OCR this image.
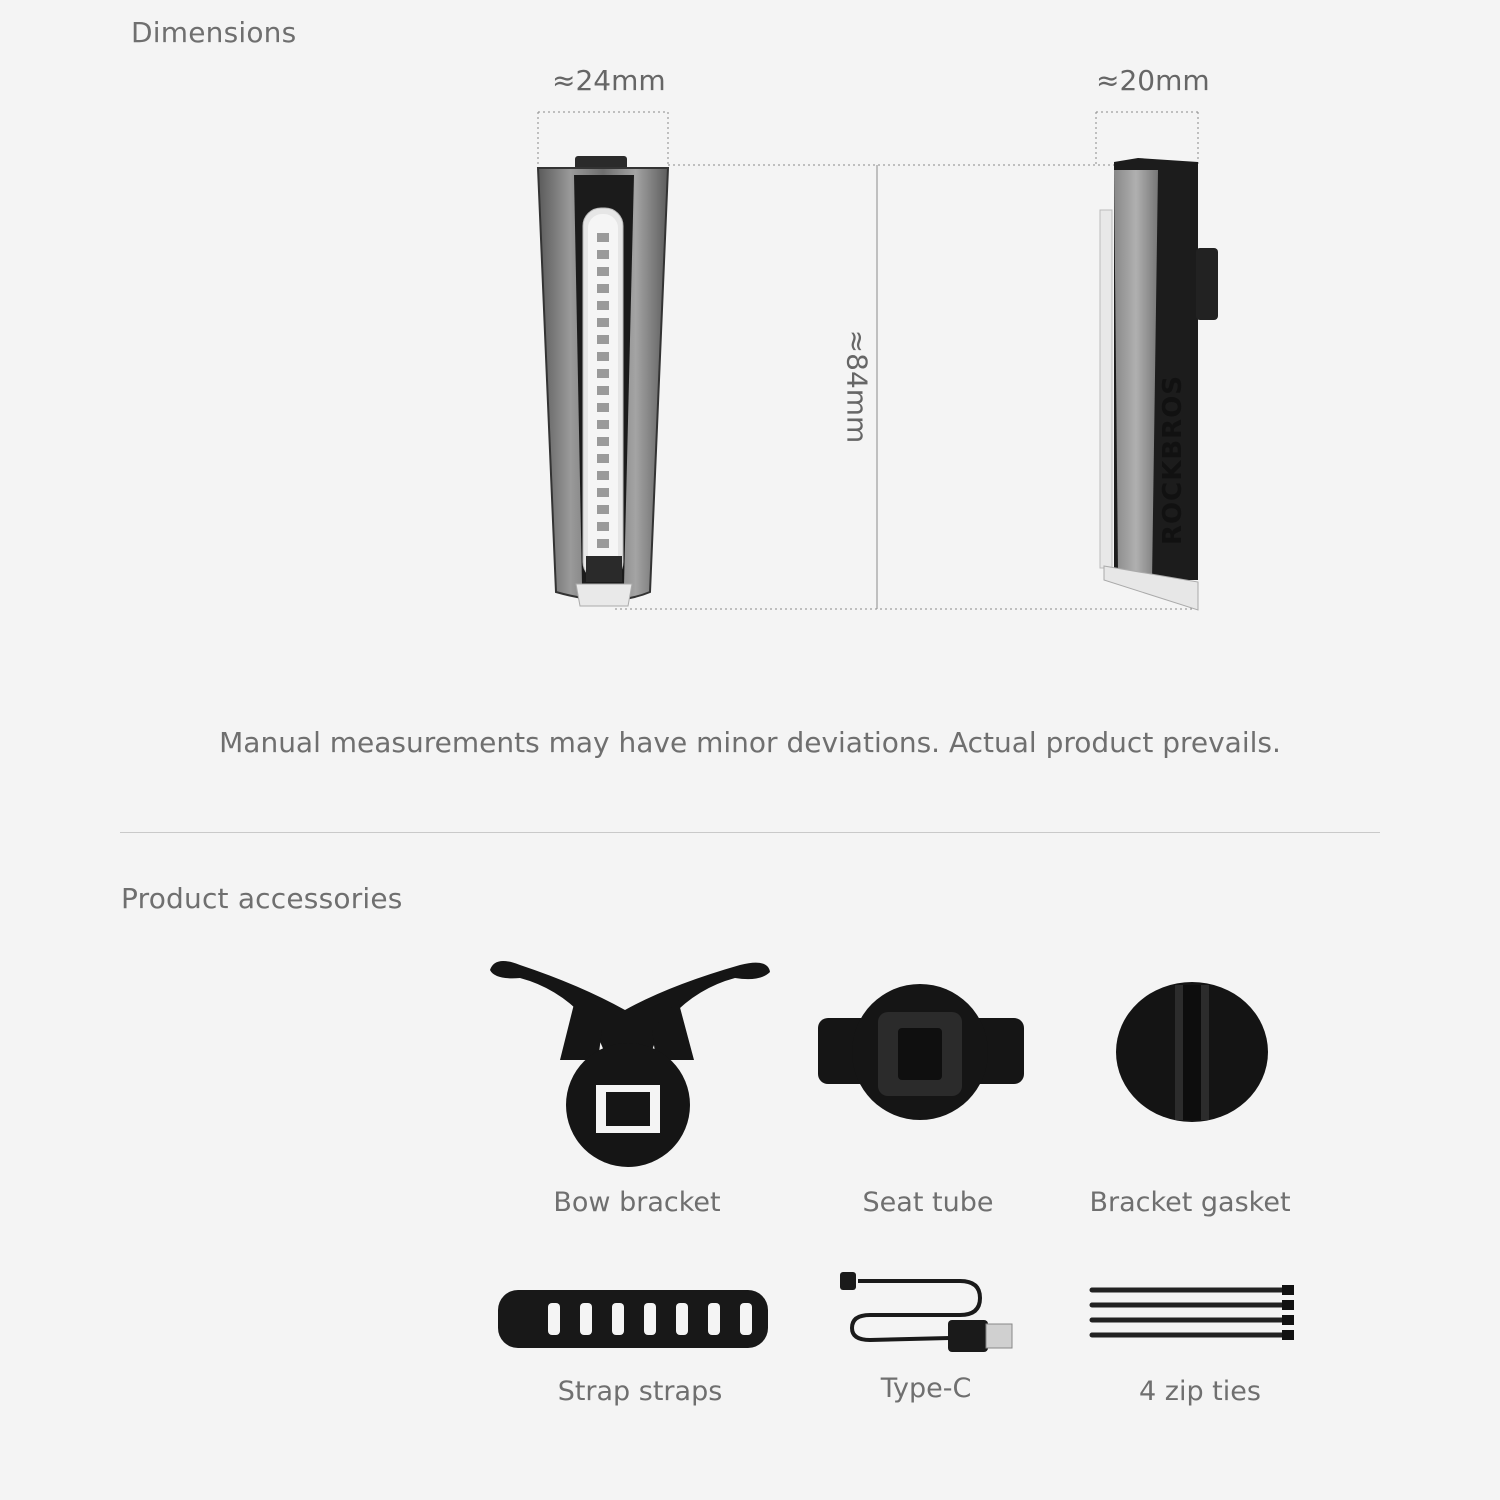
Dimensions
≈24mm	≈20mm
≈84mm	ROCKBROS
Manual measurements may have minor deviations. Actual product prevails.
Product accessories
Bow bracket	Seat tube	Bracket gasket
Strap straps	Type-C	4 zip ties
